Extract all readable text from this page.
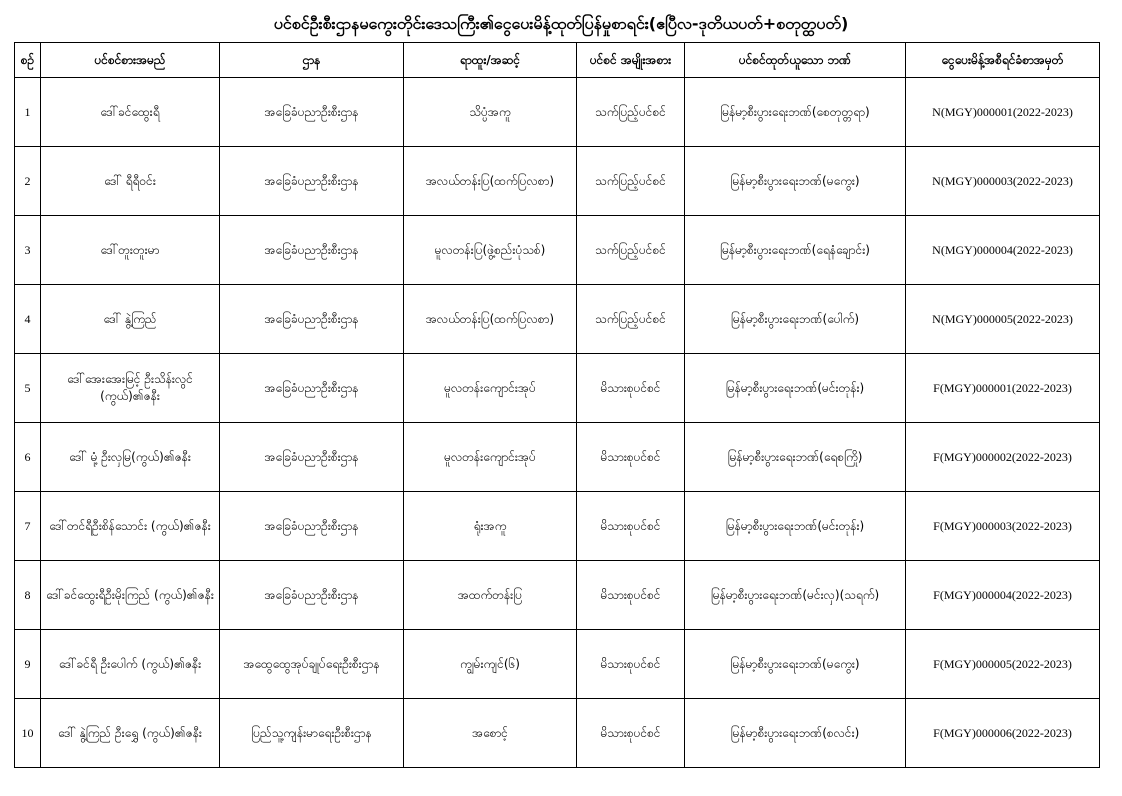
ပင်စင်ဦးစီးဌာနမကွေးတိုင်းဒေသကြီး၏ငွေပေးမိန့်ထုတ်ပြန်မှုစာရင်း(ဧပြီလ-ဒုတိယပတ်+စတုတ္ထပတ်)
စဥ်	ပင်စင်စားအမည်	ဌာန	ရာထူး/အဆင့်	ပင်စင် အမျိုးအစား	ပင်စင်ထုတ်ယူသော ဘဏ်	ငွေပေးမိန့်အစီရင်ခံစာအမှတ်
1	ဒေါ်ခင်ထွေးရီ	အခြေခံပညာဦးစီးဌာန	သိပ္ပံအကူ	သက်ပြည့်ပင်စင်	မြန်မာ့စီးပွားရေးဘဏ်(စေတုတ္တရာ)	N(MGY)000001(2022-2023)
2	ဒေါ် ရီရီဝင်း	အခြေခံပညာဦးစီးဌာန	အလယ်တန်းပြ(ထက်ပြလစာ)	သက်ပြည့်ပင်စင်	မြန်မာ့စီးပွားရေးဘဏ်(မကွေး)	N(MGY)000003(2022-2023)
3	ဒေါ်တူးတူးမာ	အခြေခံပညာဦးစီးဌာန	မူလတန်းပြ(ဖွဲ့စည်းပုံသစ်)	သက်ပြည့်ပင်စင်	မြန်မာ့စီးပွားရေးဘဏ်(ရေနံချောင်း)	N(MGY)000004(2022-2023)
4	ဒေါ် နွဲ့ကြည်	အခြေခံပညာဦးစီးဌာန	အလယ်တန်းပြ(ထက်ပြလစာ)	သက်ပြည့်ပင်စင်	မြန်မာ့စီးပွားရေးဘဏ်(ပေါက်)	N(MGY)000005(2022-2023)
5	ဒေါ်အေးအေးမြင့် ဦးသိန်းလွင် (ကွယ်)၏ဇနီး	အခြေခံပညာဦးစီးဌာန	မူလတန်းကျောင်းအုပ်	မိသားစုပင်စင်	မြန်မာ့စီးပွားရေးဘဏ်(မင်းတုန်း)	F(MGY)000001(2022-2023)
6	ဒေါ် မုံ့ ဦးလှမြ(ကွယ်)၏ဇနီး	အခြေခံပညာဦးစီးဌာန	မူလတန်းကျောင်းအုပ်	မိသားစုပင်စင်	မြန်မာ့စီးပွားရေးဘဏ်(ရေစကြို)	F(MGY)000002(2022-2023)
7	ဒေါ်တင်ရီဦးစိန်သောင်း (ကွယ်)၏ဇနီး	အခြေခံပညာဦးစီးဌာန	ရုံးအကူ	မိသားစုပင်စင်	မြန်မာ့စီးပွားရေးဘဏ်(မင်းတုန်း)	F(MGY)000003(2022-2023)
8	ဒေါ်ခင်ထွေးရီဦးမိုးကြည် (ကွယ်)၏ဇနီး	အခြေခံပညာဦးစီးဌာန	အထက်တန်းပြ	မိသားစုပင်စင်	မြန်မာ့စီးပွားရေးဘဏ်(မင်းလှ)(သရက်)	F(MGY)000004(2022-2023)
9	ဒေါ်ခင်ရီ ဦးပေါက် (ကွယ်)၏ဇနီး	အထွေထွေအုပ်ချုပ်ရေးဦးစီးဌာန	ကျွမ်းကျင်(၆)	မိသားစုပင်စင်	မြန်မာ့စီးပွားရေးဘဏ်(မကွေး)	F(MGY)000005(2022-2023)
10	ဒေါ် နွဲ့ကြည် ဦးရွှေ (ကွယ်)၏ဇနီး	ပြည်သူ့ကျန်းမာရေးဦးစီးဌာန	အစောင့်	မိသားစုပင်စင်	မြန်မာ့စီးပွားရေးဘဏ်(စလင်း)	F(MGY)000006(2022-2023)
